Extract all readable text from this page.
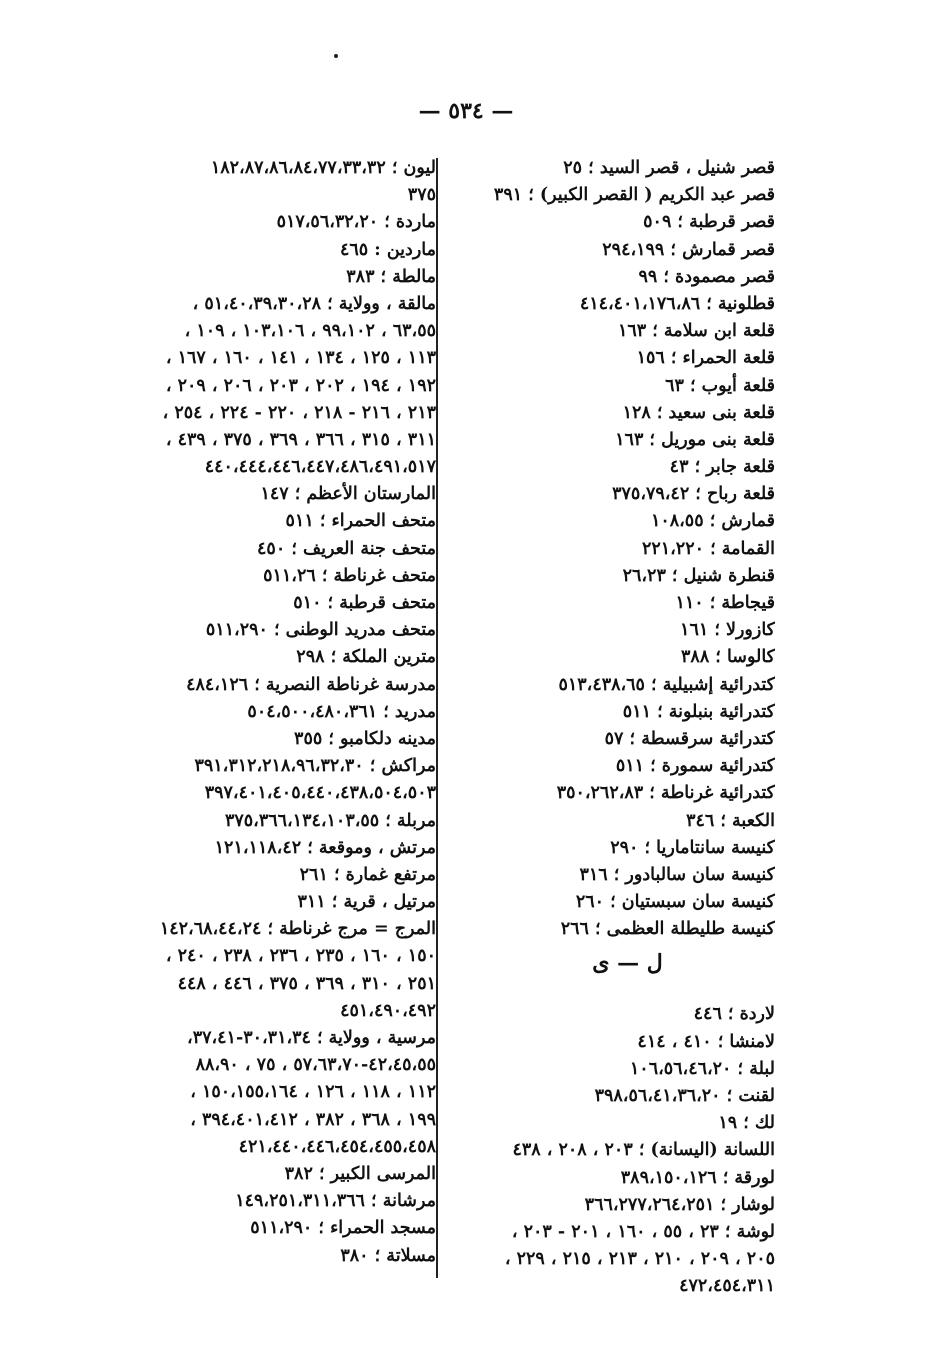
— ٥٣٤ —
قصر شنيل ، قصر السيد ؛ ٢٥
قصر عبد الكريم ( القصر الكبير) ؛ ٣٩١
قصر قرطبة ؛ ٥٠٩
قصر قمارش ؛ ٢٩٤،١٩٩
قصر مصمودة ؛ ٩٩
قطلونية ؛ ٤١٤،٤٠١،١٧٦،٨٦
قلعة ابن سلامة ؛ ١٦٣
قلعة الحمراء ؛ ١٥٦
قلعة أيوب ؛ ٦٣
قلعة بنى سعيد ؛ ١٢٨
قلعة بنى موريل ؛ ١٦٣
قلعة جابر ؛ ٤٣
قلعة رباح ؛ ٣٧٥،٧٩،٤٢
قمارش ؛ ١٠٨،٥٥
القمامة ؛ ٢٢١،٢٢٠
قنطرة شنيل ؛ ٢٦،٢٣
قيجاطة ؛ ١١٠
كازورلا ؛ ١٦١
كالوسا ؛ ٣٨٨
كتدرائية إشبيلية ؛ ٥١٣،٤٣٨،٦٥
كتدرائية بنبلونة ؛ ٥١١
كتدرائية سرقسطة ؛ ٥٧
كتدرائية سمورة ؛ ٥١١
كتدرائية غرناطة ؛ ٣٥٠،٢٦٢،٨٣
الكعبة ؛ ٣٤٦
كنيسة سانتاماريا ؛ ٢٩٠
كنيسة سان سالبادور ؛ ٣١٦
كنيسة سان سبستيان ؛ ٢٦٠
كنيسة طليطلة العظمى ؛ ٢٦٦
ل — ى
لاردة ؛ ٤٤٦
لامنشا ؛ ٤١٠ ، ٤١٤
لبلة ؛ ١٠٦،٥٦،٤٦،٢٠
لقنت ؛ ٣٩٨،٥٦،٤١،٣٦،٢٠
لك ؛ ١٩
اللسانة (اليسانة) ؛ ٢٠٣ ، ٢٠٨ ، ٤٣٨
لورقة ؛ ٣٨٩،١٥٠،١٢٦
لوشار ؛ ٣٦٦،٢٧٧،٢٦٤،٢٥١
لوشة ؛ ٢٣ ، ٥٥ ، ١٦٠ ، ٢٠١ - ٢٠٣ ،
٢٠٥ ، ٢٠٩ ، ٢١٠ ، ٢١٣ ، ٢١٥ ، ٢٢٩ ،
٤٧٢،٤٥٤،٣١١
ليون ؛ ١٨٢،٨٧،٨٦،٨٤،٧٧،٣٣،٣٢
٣٧٥
ماردة ؛ ٥١٧،٥٦،٣٢،٢٠
ماردين : ٤٦٥
مالطة ؛ ٣٨٣
مالقة ، وولاية ؛ ٥١،٤٠،٣٩،٣٠،٢٨ ،
٦٣،٥٥ ، ٩٩،١٠٢ ، ١٠٣،١٠٦ ، ١٠٩ ،
١١٣ ، ١٢٥ ، ١٣٤ ، ١٤١ ، ١٦٠ ، ١٦٧ ،
١٩٢ ، ١٩٤ ، ٢٠٢ ، ٢٠٣ ، ٢٠٦ ، ٢٠٩ ،
٢١٣ ، ٢١٦ - ٢١٨ ، ٢٢٠ - ٢٢٤ ، ٢٥٤ ،
٣١١ ، ٣١٥ ، ٣٦٦ ، ٣٦٩ ، ٣٧٥ ، ٤٣٩ ،
٤٤٠،٤٤٤،٤٤٦،٤٤٧،٤٨٦،٤٩١،٥١٧
المارستان الأعظم ؛ ١٤٧
متحف الحمراء ؛ ٥١١
متحف جنة العريف ؛ ٤٥٠
متحف غرناطة ؛ ٥١١،٢٦
متحف قرطبة ؛ ٥١٠
متحف مدريد الوطنى ؛ ٥١١،٢٩٠
مترين الملكة ؛ ٢٩٨
مدرسة غرناطة النصرية ؛ ٤٨٤،١٢٦
مدريد ؛ ٥٠٤،٥٠٠،٤٨٠،٣٦١
مدينه دلكامبو ؛ ٣٥٥
مراكش ؛ ٣٩١،٣١٢،٢١٨،٩٦،٣٢،٣٠
٣٩٧،٤٠١،٤٠٥،٤٤٠،٤٣٨،٥٠٤،٥٠٣
مربلة ؛ ٣٧٥،٣٦٦،١٣٤،١٠٣،٥٥
مرتش ، وموقعة ؛ ١٢١،١١٨،٤٢
مرتفع غمارة ؛ ٢٦١
مرتيل ، قرية ؛ ٣١١
المرج = مرج غرناطة ؛ ١٤٢،٦٨،٤٤،٢٤
١٥٠ ، ١٦٠ ، ٢٣٥ ، ٢٣٦ ، ٢٣٨ ، ٢٤٠ ،
٢٥١ ، ٣١٠ ، ٣٦٩ ، ٣٧٥ ، ٤٤٦ ، ٤٤٨
٤٥١،٤٩٠،٤٩٢
مرسية ، وولاية ؛ ٣٠،٣١،٣٤-٣٧،٤١،
٤٢،٤٥،٥٥-٥٧،٦٣،٧٠ ، ٧٥ ، ٨٨،٩٠
١١٢ ، ١١٨ ، ١٢٦ ، ١٥٠،١٥٥،١٦٤ ،
١٩٩ ، ٣٦٨ ، ٣٨٢ ، ٣٩٤،٤٠١،٤١٢ ،
٤٢١،٤٤٠،٤٤٦،٤٥٤،٤٥٥،٤٥٨
المرسى الكبير ؛ ٣٨٢
مرشانة ؛ ١٤٩،٢٥١،٣١١،٣٦٦
مسجد الحمراء ؛ ٥١١،٢٩٠
مسلاتة ؛ ٣٨٠
